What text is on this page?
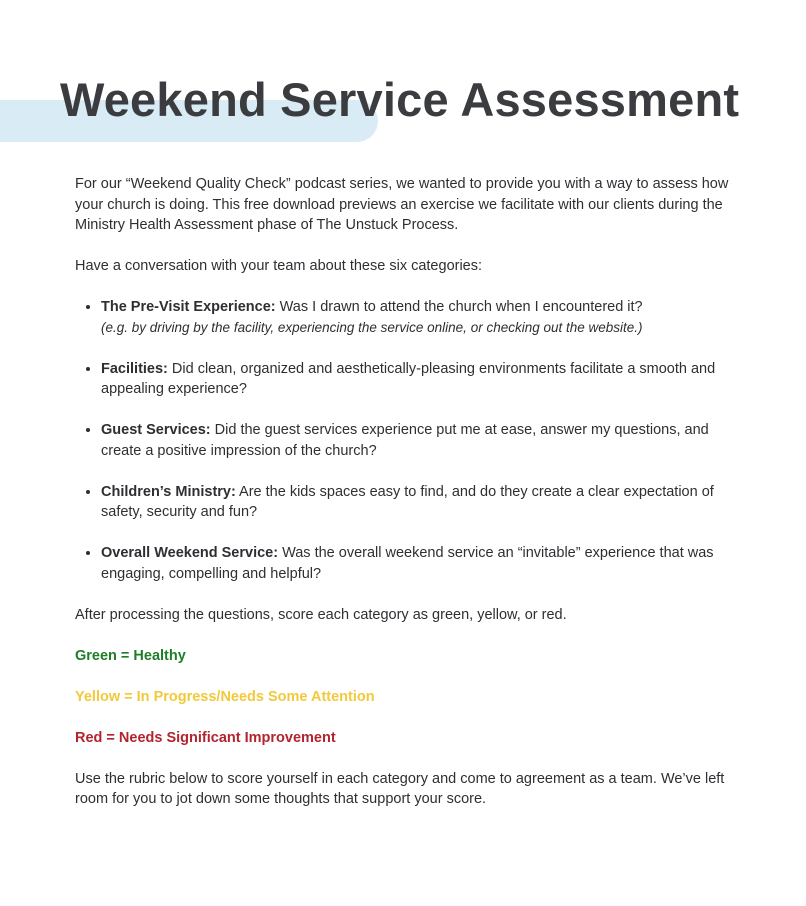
Weekend Service Assessment

For our “Weekend Quality Check” podcast series, we wanted to provide you with a way to assess how your church is doing. This free download previews an exercise we facilitate with our clients during the Ministry Health Assessment phase of The Unstuck Process.

Have a conversation with your team about these six categories:

• The Pre-Visit Experience: Was I drawn to attend the church when I encountered it?
(e.g. by driving by the facility, experiencing the service online, or checking out the website.)
• Facilities: Did clean, organized and aesthetically-pleasing environments facilitate a smooth and appealing experience?
• Guest Services: Did the guest services experience put me at ease, answer my questions, and create a positive impression of the church?
• Children’s Ministry: Are the kids spaces easy to find, and do they create a clear expectation of safety, security and fun?
• Overall Weekend Service: Was the overall weekend service an “invitable” experience that was engaging, compelling and helpful?

After processing the questions, score each category as green, yellow, or red.

Green = Healthy

Yellow = In Progress/Needs Some Attention

Red = Needs Significant Improvement

Use the rubric below to score yourself in each category and come to agreement as a team. We’ve left room for you to jot down some thoughts that support your score.
